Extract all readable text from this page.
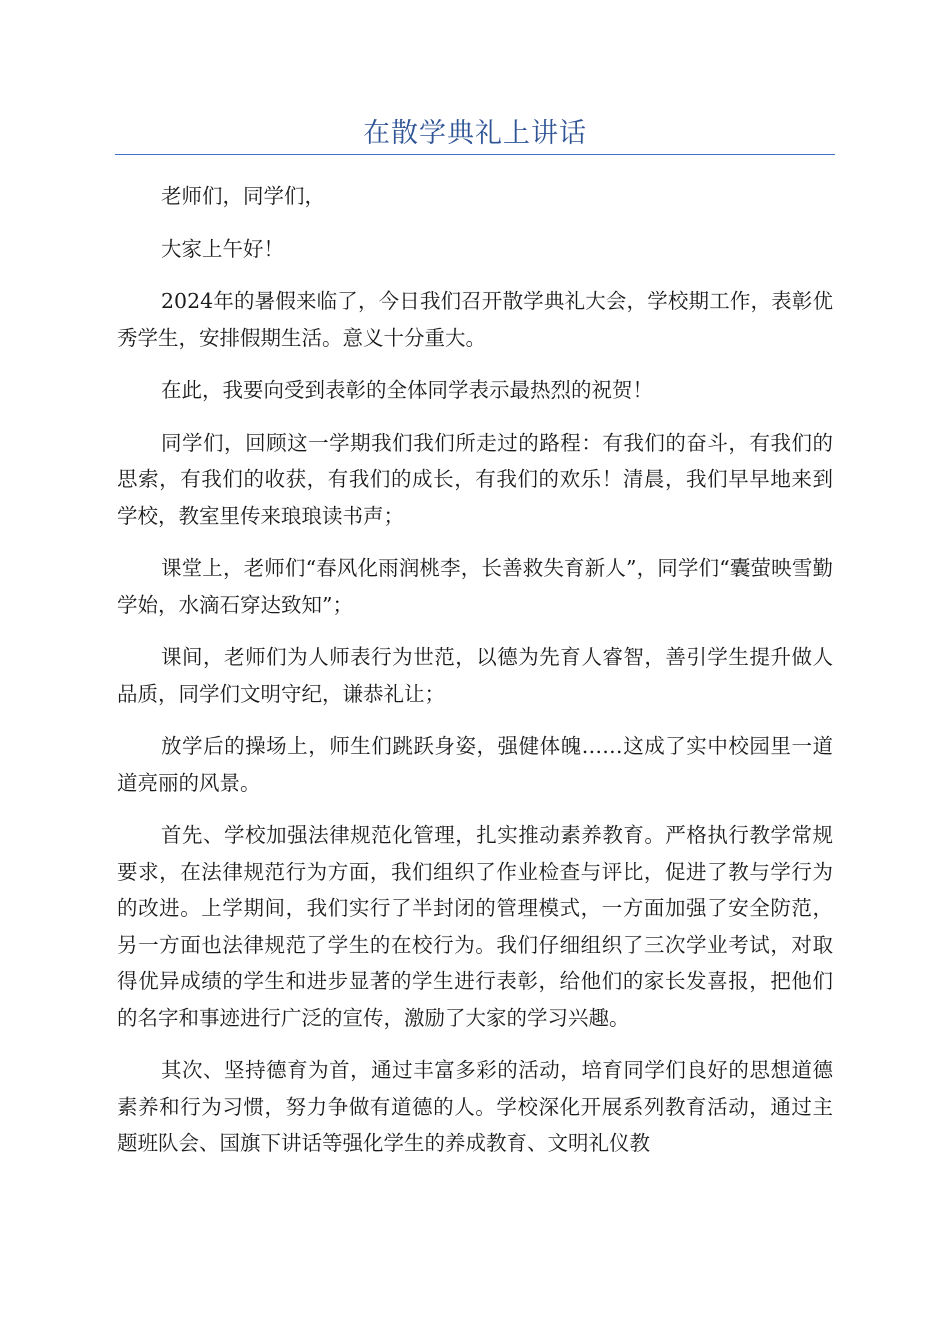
在散学典礼上讲话

老师们，同学们，

大家上午好！

2024年的暑假来临了，今日我们召开散学典礼大会，学校期工作，表彰优秀学生，安排假期生活。意义十分重大。

在此，我要向受到表彰的全体同学表示最热烈的祝贺！

同学们，回顾这一学期我们我们所走过的路程：有我们的奋斗，有我们的思索，有我们的收获，有我们的成长，有我们的欢乐！清晨，我们早早地来到学校，教室里传来琅琅读书声；

课堂上，老师们“春风化雨润桃李，长善救失育新人”，同学们“囊萤映雪勤学始，水滴石穿达致知”；

课间，老师们为人师表行为世范，以德为先育人睿智，善引学生提升做人品质，同学们文明守纪，谦恭礼让；

放学后的操场上，师生们跳跃身姿，强健体魄……这成了实中校园里一道道亮丽的风景。

首先、学校加强法律规范化管理，扎实推动素养教育。严格执行教学常规要求，在法律规范行为方面，我们组织了作业检查与评比，促进了教与学行为的改进。上学期间，我们实行了半封闭的管理模式，一方面加强了安全防范，另一方面也法律规范了学生的在校行为。我们仔细组织了三次学业考试，对取得优异成绩的学生和进步显著的学生进行表彰，给他们的家长发喜报，把他们的名字和事迹进行广泛的宣传，激励了大家的学习兴趣。

其次、坚持德育为首，通过丰富多彩的活动，培育同学们良好的思想道德素养和行为习惯，努力争做有道德的人。学校深化开展系列教育活动，通过主题班队会、国旗下讲话等强化学生的养成教育、文明礼仪教
